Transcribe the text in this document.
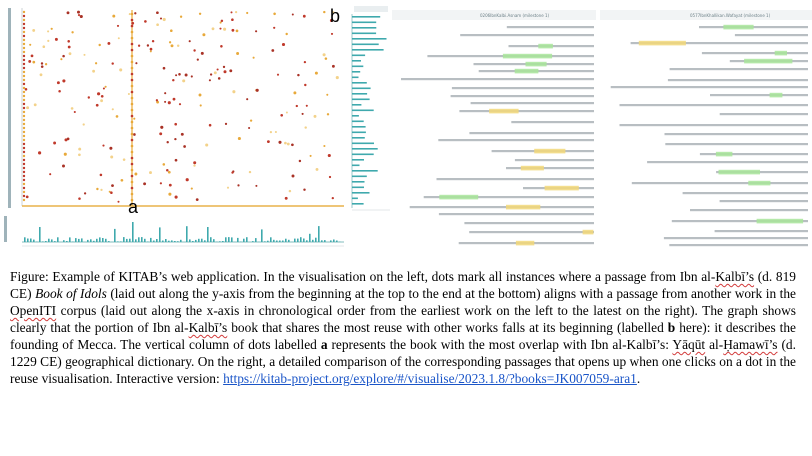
a
b	0206IbnKalbi.Asnam (milestone 1)	0577IbnKhallikan.Wafayat (milestone 1)

Figure: Example of KITAB’s web application. In the visualisation on the left, dots mark all instances where a passage from Ibn al-Kalbī’s (d. 819 CE) Book of Idols (laid out along the y-axis from the beginning at the top to the end at the bottom) aligns with a passage from another work in the OpenITI corpus (laid out along the x-axis in chronological order from the earliest work on the left to the latest on the right). The graph shows clearly that the portion of Ibn al-Kalbī’s book that shares the most reuse with other works falls at its beginning (labelled b here): it describes the founding of Mecca. The vertical column of dots labelled a represents the book with the most overlap with Ibn al-Kalbī’s: Yāqūt al-Ḥamawī’s (d. 1229 CE) geographical dictionary. On the right, a detailed comparison of the corresponding passages that opens up when one clicks on a dot in the reuse visualisation. Interactive version: https://kitab-project.org/explore/#/visualise/2023.1.8/?books=JK007059-ara1.
